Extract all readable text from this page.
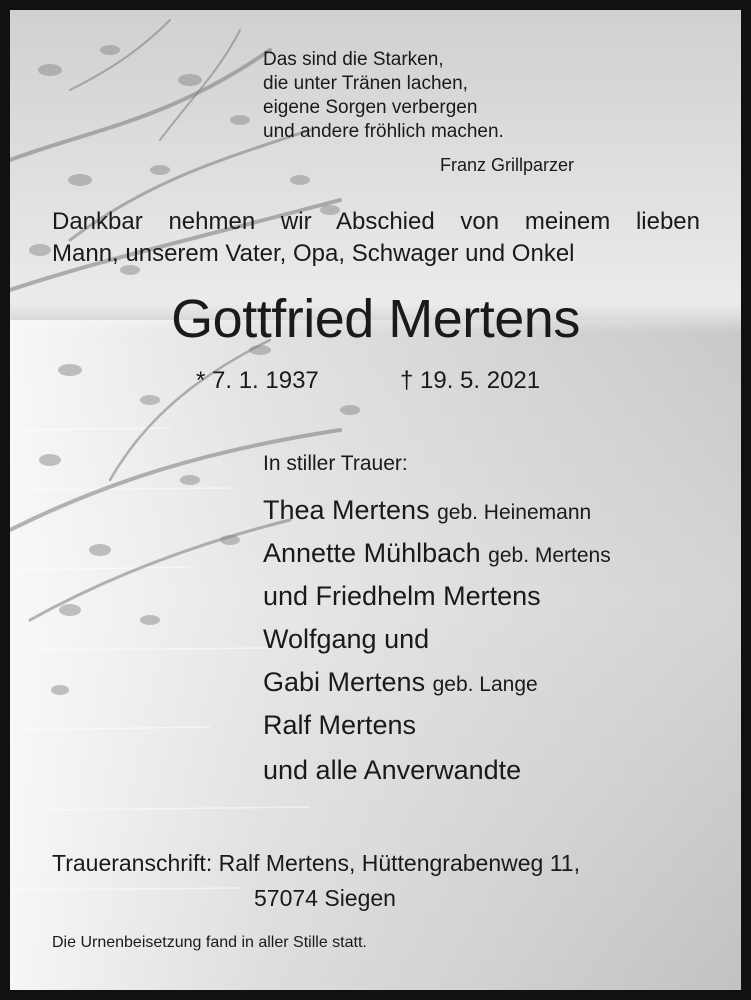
Das sind die Starken,
die unter Tränen lachen,
eigene Sorgen verbergen
und andere fröhlich machen.
Franz Grillparzer
Dankbar nehmen wir Abschied von meinem lieben
Mann, unserem Vater, Opa, Schwager und Onkel
Gottfried Mertens
* 7. 1. 1937	† 19. 5. 2021
In stiller Trauer:
Thea Mertens geb. Heinemann
Annette Mühlbach geb. Mertens
und Friedhelm Mertens
Wolfgang und
Gabi Mertens geb. Lange
Ralf Mertens
und alle Anverwandte
Traueranschrift: Ralf Mertens, Hüttengrabenweg 11,
57074 Siegen
Die Urnenbeisetzung fand in aller Stille statt.
